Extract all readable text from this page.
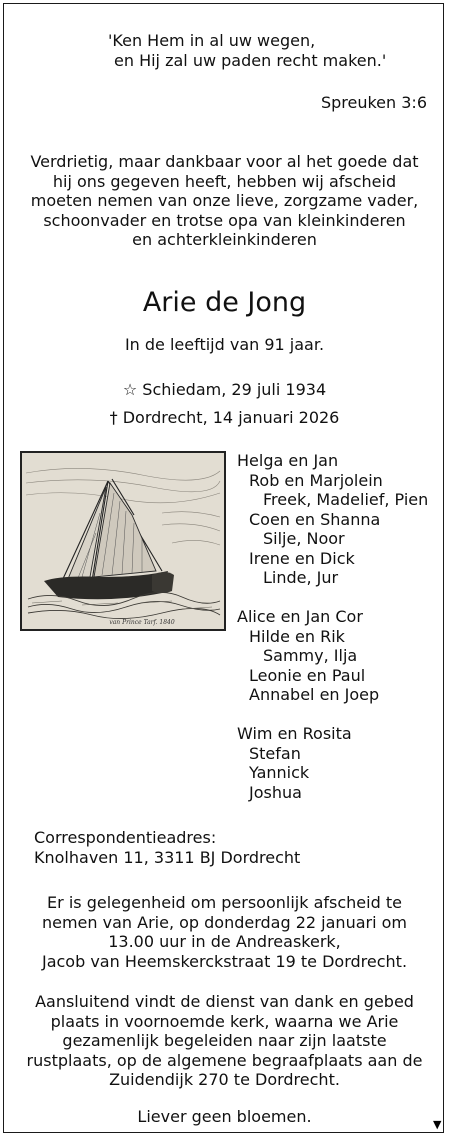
'Ken Hem in al uw wegen,
en Hij zal uw paden recht maken.'
Spreuken 3:6
Verdrietig, maar dankbaar voor al het goede dat
hij ons gegeven heeft, hebben wij afscheid
moeten nemen van onze lieve, zorgzame vader,
schoonvader en trotse opa van kleinkinderen
en achterkleinkinderen
Arie de Jong
In de leeftijd van 91 jaar.
☆ Schiedam, 29 juli 1934
† Dordrecht, 14 januari 2026
van Prince Tarf. 1840
Helga en Jan
Rob en Marjolein
Freek, Madelief, Pien
Coen en Shanna
Silje, Noor
Irene en Dick
Linde, Jur
Alice en Jan Cor
Hilde en Rik
Sammy, Ilja
Leonie en Paul
Annabel en Joep
Wim en Rosita
Stefan
Yannick
Joshua
Correspondentieadres:
Knolhaven 11, 3311 BJ Dordrecht
Er is gelegenheid om persoonlijk afscheid te
nemen van Arie, op donderdag 22 januari om
13.00 uur in de Andreaskerk,
Jacob van Heemskerckstraat 19 te Dordrecht.
Aansluitend vindt de dienst van dank en gebed
plaats in voornoemde kerk, waarna we Arie
gezamenlijk begeleiden naar zijn laatste
rustplaats, op de algemene begraafplaats aan de
Zuidendijk 270 te Dordrecht.
Liever geen bloemen.	▼
